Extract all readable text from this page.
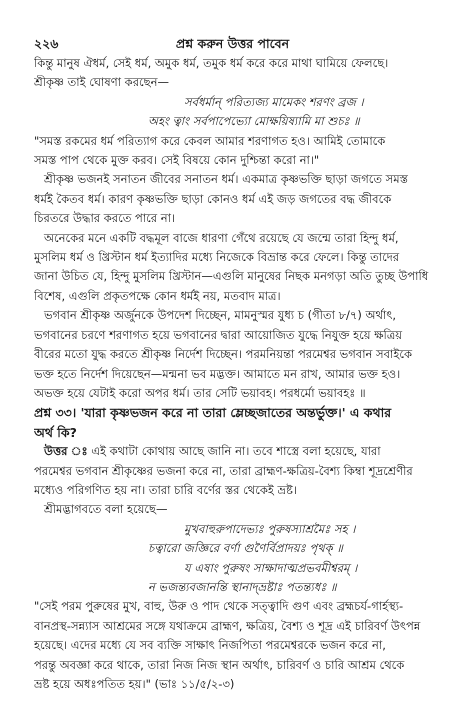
২২৬	প্রশ্ন করুন উত্তর পাবেন
কিন্তু মানুষ ঐধর্ম, সেই ধর্ম, অমুক ধর্ম, তমুক ধর্ম করে করে মাথা ঘামিয়ে ফেলছে।
শ্রীকৃষ্ণ তাই ঘোষণা করছেন—
সর্বধর্মান্‌ পরিত্যজ্য মামেকং শরণং ব্রজ ।
অহং ত্বাং সর্বপাপেভ্যো মোক্ষয়িষ্যামি মা শুচঃ ॥
"সমস্ত রকমের ধর্ম পরিত্যাগ করে কেবল আমার শরণাগত হও। আমিই তোমাকে
সমস্ত পাপ থেকে মুক্ত করব। সেই বিষয়ে কোন দুশ্চিন্তা করো না।"
শ্রীকৃষ্ণ ভজনই সনাতন জীবের সনাতন ধর্ম। একমাত্র কৃষ্ণভক্তি ছাড়া জগতে সমস্ত
ধর্মই কৈতব ধর্ম। কারণ কৃষ্ণভক্তি ছাড়া কোনও ধর্ম এই জড় জগতের বদ্ধ জীবকে
চিরতরে উদ্ধার করতে পারে না।
অনেকের মনে একটি বদ্ধমূল বাজে ধারণা গেঁথে রয়েছে যে জন্মে তারা হিন্দু ধর্ম,
মুসলিম ধর্ম ও খ্রিস্টান ধর্ম ইত্যাদির মধ্যে নিজেকে বিভ্রান্ত করে ফেলে। কিন্তু তাদের
জানা উচিত যে, হিন্দু মুসলিম খ্রিস্টান—এগুলি মানুষের নিছক মনগড়া অতি তুচ্ছ উপাধি
বিশেষ, এগুলি প্রকৃতপক্ষে কোন ধর্মই নয়, মতবাদ মাত্র।
ভগবান শ্রীকৃষ্ণ অর্জুনকে উপদেশ দিচ্ছেন, মামনুস্মর যুধ্য চ (গীতা ৮/৭) অর্থাৎ,
ভগবানের চরণে শরণাগত হয়ে ভগবানের দ্বারা আয়োজিত যুদ্ধে নিযুক্ত হয়ে ক্ষত্রিয়
বীরের মতো যুদ্ধ করতে শ্রীকৃষ্ণ নির্দেশ দিচ্ছেন। পরমনিয়ন্তা পরমেশ্বর ভগবান সবাইকে
ভক্ত হতে নির্দেশ দিয়েছেন—মন্মনা ভব মদ্ভক্ত। আমাতে মন রাখ, আমার ভক্ত হও।
অভক্ত হয়ে যেটাই করো অপর ধর্ম। তার সেটি ভয়াবহ। পরধর্মো ভয়াবহঃ ॥
প্রশ্ন ৩৩। 'যারা কৃষ্ণভজন করে না তারা ম্লেচ্ছজাতের অন্তর্ভুক্ত।' এ কথার
অর্থ কি?
উত্তর ঃ এই কথাটা কোথায় আছে জানি না। তবে শাস্ত্রে বলা হয়েছে, যারা
পরমেশ্বর ভগবান শ্রীকৃষ্ণের ভজনা করে না, তারা ব্রাহ্মণ-ক্ষত্রিয়-বৈশ্য কিম্বা শূদ্রশ্রেণীর
মধ্যেও পরিগণিত হয় না। তারা চারি বর্ণের স্তর থেকেই ভ্রষ্ট।
শ্রীমদ্ভাগবতে বলা হয়েছে—
মুখবাহুরুপাদেভ্যঃ পুরুষস্যাশ্রমৈঃ সহ ।
চত্বারো জজ্ঞিরে বর্ণা গুণৈর্বিপ্রাদয়ঃ পৃথক্‌ ॥
য এষাং পুরুষং সাক্ষাদাত্মপ্রভবমীশ্বরম্‌ ।
ন ভজন্ত্যবজানন্তি স্থানাদ্‌ভ্রষ্টাঃ পতন্ত্যধঃ ॥
"সেই পরম পুরুষের মুখ, বাহু, উরু ও পাদ থেকে সত্ত্বাদি গুণ এবং ব্রহ্মচর্য-গার্হস্থ্য-
বানপ্রস্থ-সন্ন্যাস আশ্রমের সঙ্গে যথাক্রমে ব্রাহ্মণ, ক্ষত্রিয়, বৈশ্য ও শূদ্র এই চারিবর্ণ উৎপন্ন
হয়েছে। এদের মধ্যে যে সব ব্যক্তি সাক্ষাৎ নিজপিতা পরমেশ্বরকে ভজন করে না,
পরন্তু অবজ্ঞা করে থাকে, তারা নিজ নিজ স্থান অর্থাৎ, চারিবর্ণ ও চারি আশ্রম থেকে
ভ্রষ্ট হয়ে অধঃপতিত হয়।" (ভাঃ ১১/৫/২-৩)
